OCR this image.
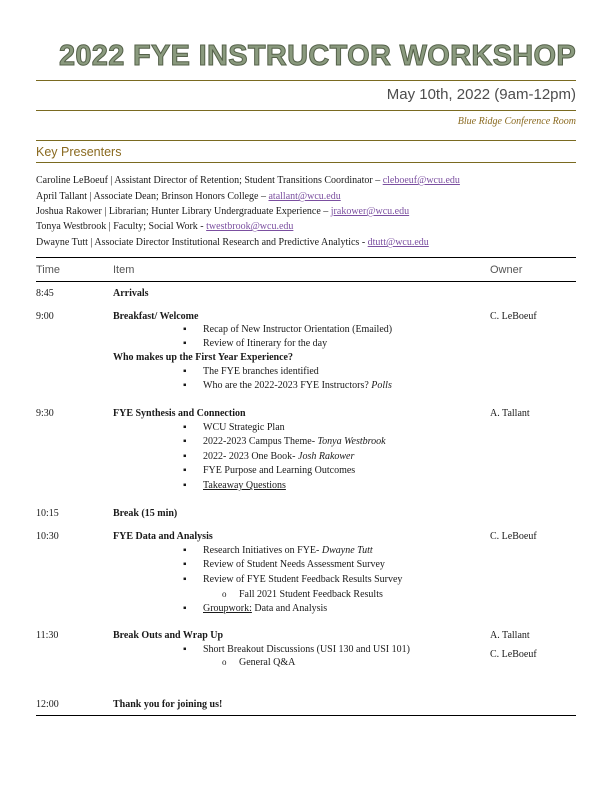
2022 FYE INSTRUCTOR WORKSHOP
May 10th, 2022 (9am-12pm)
Blue Ridge Conference Room
Key Presenters
Caroline LeBoeuf | Assistant Director of Retention; Student Transitions Coordinator – cleboeuf@wcu.edu
April Tallant | Associate Dean; Brinson Honors College – atallant@wcu.edu
Joshua Rakower | Librarian; Hunter Library Undergraduate Experience – jrakower@wcu.edu
Tonya Westbrook | Faculty; Social Work - twestbrook@wcu.edu
Dwayne Tutt | Associate Director Institutional Research and Predictive Analytics - dtutt@wcu.edu
Time	Item	Owner
8:45	Arrivals
9:00	Breakfast/ Welcome	C. LeBoeuf
▪ Recap of New Instructor Orientation (Emailed)
▪ Review of Itinerary for the day
Who makes up the First Year Experience?
▪ The FYE branches identified
▪ Who are the 2022-2023 FYE Instructors? Polls
9:30	FYE Synthesis and Connection	A. Tallant
▪ WCU Strategic Plan
▪ 2022-2023 Campus Theme- Tonya Westbrook
▪ 2022- 2023 One Book- Josh Rakower
▪ FYE Purpose and Learning Outcomes
▪ Takeaway Questions
10:15	Break (15 min)
10:30	FYE Data and Analysis	C. LeBoeuf
▪ Research Initiatives on FYE- Dwayne Tutt
▪ Review of Student Needs Assessment Survey
▪ Review of FYE Student Feedback Results Survey
o Fall 2021 Student Feedback Results
▪ Groupwork: Data and Analysis
11:30	Break Outs and Wrap Up	A. Tallant
▪ Short Breakout Discussions (USI 130 and USI 101)	C. LeBoeuf
o General Q&A
12:00	Thank you for joining us!
